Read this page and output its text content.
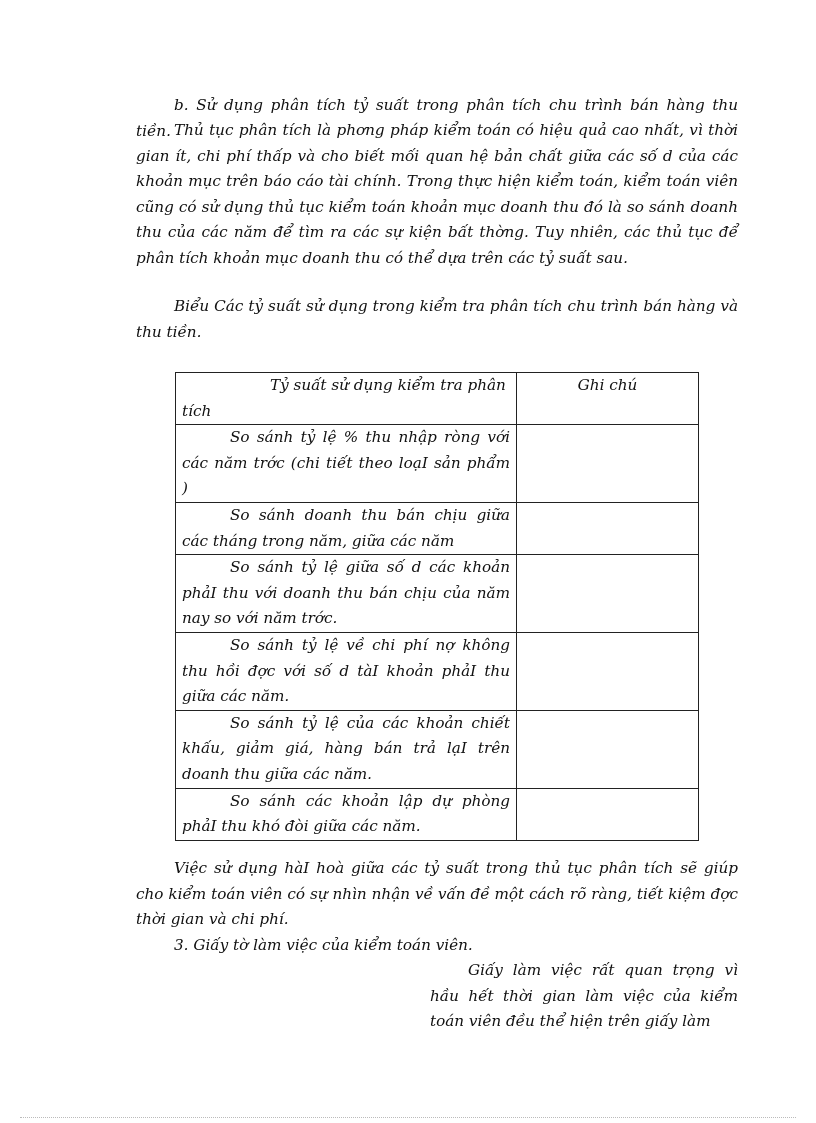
b. Sử dụng phân tích tỷ suất trong phân tích chu trình bán hàng thu tiền. Thủ tục phân tích là phơng pháp kiểm toán có hiệu quả cao nhất, vì thời gian ít, chi phí thấp và cho biết mối quan hệ bản chất giữa các số d của các khoản mục trên báo cáo tài chính. Trong thực hiện kiểm toán, kiểm toán viên cũng có sử dụng thủ tục kiểm toán khoản mục doanh thu đó là so sánh doanh thu của các năm để tìm ra các sự kiện bất thờng. Tuy nhiên, các thủ tục để phân tích khoản mục doanh thu có thể dựa trên các tỷ suất sau.
Biểu Các tỷ suất sử dụng trong kiểm tra phân tích chu trình bán hàng và thu tiền.
Tỷ suất sử dụng kiểm tra phân tích	Ghi chú

So sánh tỷ lệ % thu nhập ròng với các năm trớc (chi tiết theo loạI sản phẩm )	

So sánh doanh thu bán chịu giữa các tháng trong năm, giữa các năm	

So sánh tỷ lệ giữa số d các khoản phảI thu với doanh thu bán chịu của năm nay so với năm trớc.	

So sánh tỷ lệ về chi phí nợ không thu hồi đợc với số d tàI khoản phảI thu giữa các năm.	

So sánh tỷ lệ của các khoản chiết khấu, giảm giá, hàng bán trả lạI trên doanh thu giữa các năm.	

So sánh các khoản lập dự phòng phảI thu khó đòi giữa các năm.	

Việc sử dụng hàI hoà giữa các tỷ suất trong thủ tục phân tích sẽ giúp cho kiểm toán viên có sự nhìn nhận về vấn đề một cách rõ ràng, tiết kiệm đợc thời gian và chi phí.
3. Giấy tờ làm việc của kiểm toán viên.
Giấy làm việc rất quan trọng vì hầu hết thời gian làm việc của kiểm toán viên đều thể hiện trên giấy làm
